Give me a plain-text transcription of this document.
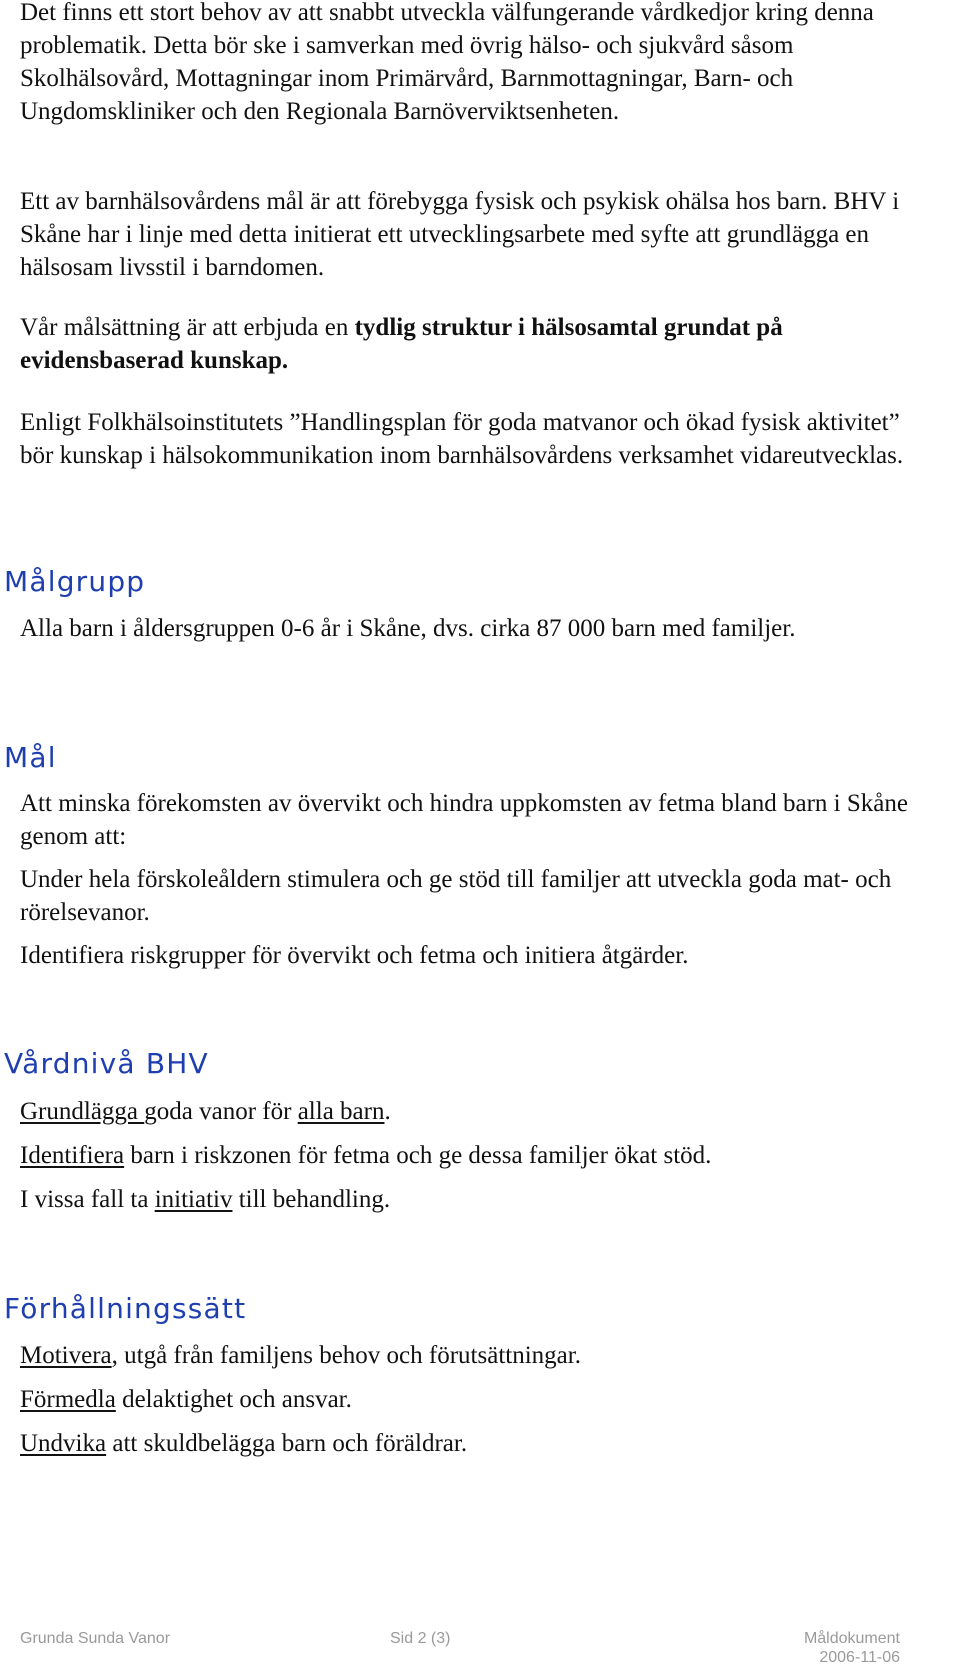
Det finns ett stort behov av att snabbt utveckla välfungerande vårdkedjor kring denna problematik. Detta bör ske i samverkan med övrig hälso- och sjukvård såsom Skolhälsovård, Mottagningar inom Primärvård, Barnmottagningar, Barn- och Ungdomskliniker och den Regionala Barnöverviktsenheten.

Ett av barnhälsovårdens mål är att förebygga fysisk och psykisk ohälsa hos barn. BHV i Skåne har i linje med detta initierat ett utvecklingsarbete med syfte att grundlägga en hälsosam livsstil i barndomen.

Vår målsättning är att erbjuda en tydlig struktur i hälsosamtal grundat på evidensbaserad kunskap.

Enligt Folkhälsoinstitutets ”Handlingsplan för goda matvanor och ökad fysisk aktivitet” bör kunskap i hälsokommunikation inom barnhälsovårdens verksamhet vidareutvecklas.

Målgrupp

Alla barn i åldersgruppen 0-6 år i Skåne, dvs. cirka 87 000 barn med familjer.

Mål

Att minska förekomsten av övervikt och hindra uppkomsten av fetma bland barn i Skåne genom att:

Under hela förskoleåldern stimulera och ge stöd till familjer att utveckla goda mat- och rörelsevanor.

Identifiera riskgrupper för övervikt och fetma och initiera åtgärder.

Vårdnivå BHV

Grundlägga goda vanor för alla barn.

Identifiera barn i riskzonen för fetma och ge dessa familjer ökat stöd.

I vissa fall ta initiativ till behandling.

Förhållningssätt

Motivera, utgå från familjens behov och förutsättningar.

Förmedla delaktighet och ansvar.

Undvika att skuldbelägga barn och föräldrar.

Grunda Sunda Vanor	Sid 2 (3)	Måldokument
2006-11-06
